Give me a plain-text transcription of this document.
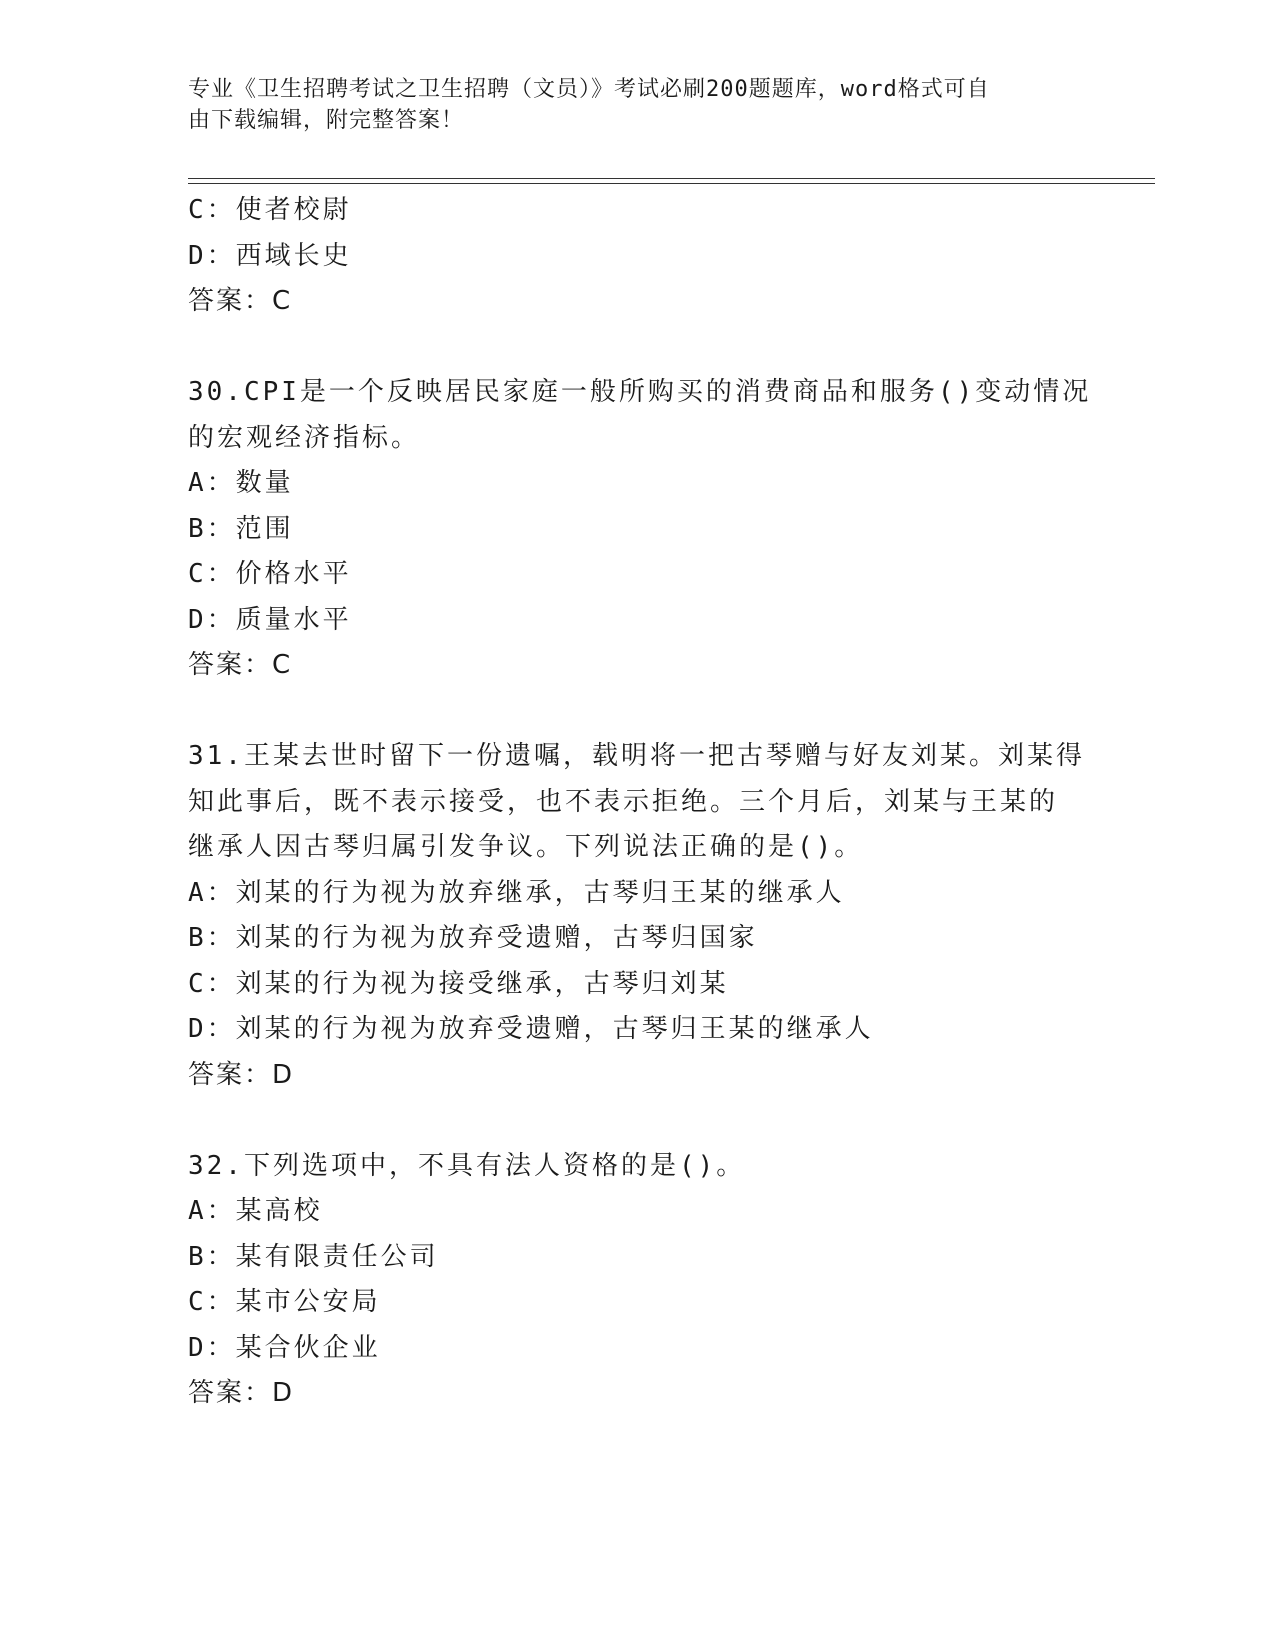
专业《卫生招聘考试之卫生招聘（文员）》考试必刷200题题库，word格式可自
由下载编辑，附完整答案！
C：使者校尉
D：西域长史
答案：C
30.CPI是一个反映居民家庭一般所购买的消费商品和服务()变动情况
的宏观经济指标。
A：数量
B：范围
C：价格水平
D：质量水平
答案：C
31.王某去世时留下一份遗嘱，载明将一把古琴赠与好友刘某。刘某得
知此事后，既不表示接受，也不表示拒绝。三个月后，刘某与王某的
继承人因古琴归属引发争议。下列说法正确的是()。
A：刘某的行为视为放弃继承，古琴归王某的继承人
B：刘某的行为视为放弃受遗赠，古琴归国家
C：刘某的行为视为接受继承，古琴归刘某
D：刘某的行为视为放弃受遗赠，古琴归王某的继承人
答案：D
32.下列选项中，不具有法人资格的是()。
A：某高校
B：某有限责任公司
C：某市公安局
D：某合伙企业
答案：D
